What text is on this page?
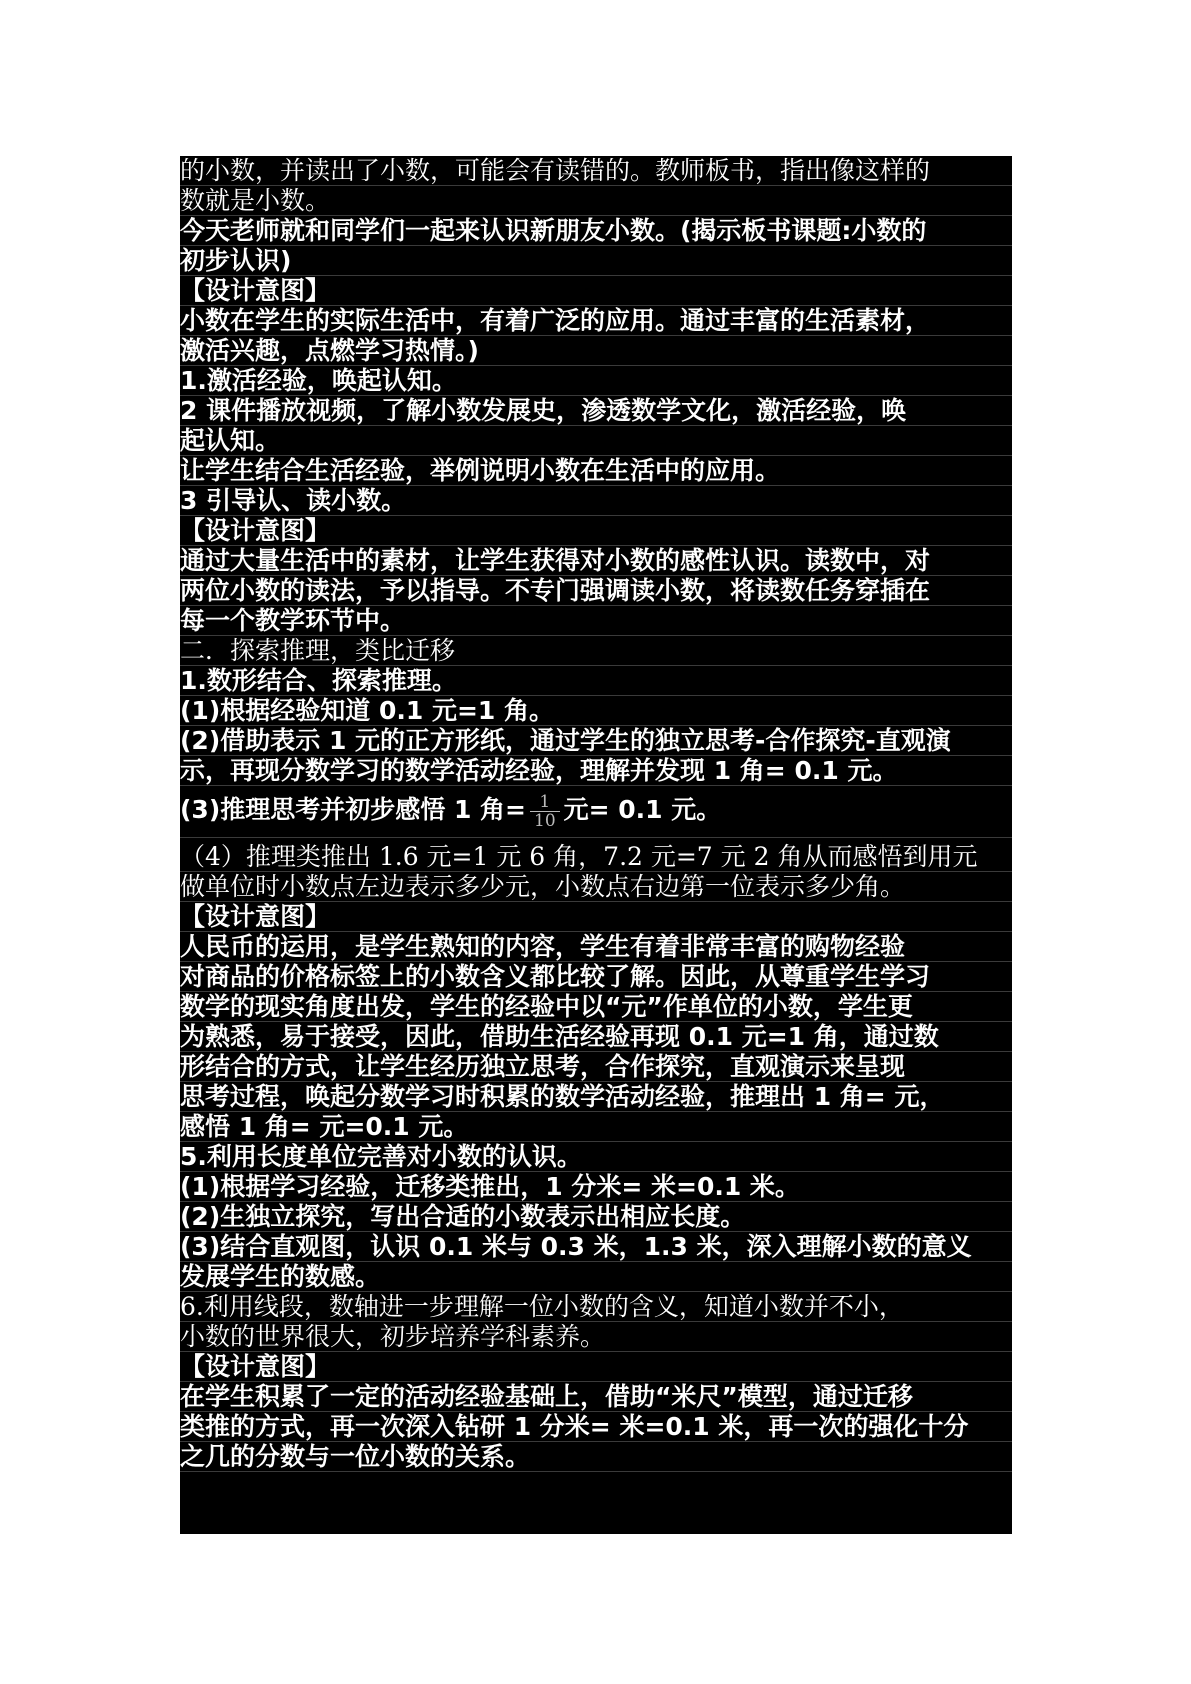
的小数，并读出了小数，可能会有读错的。教师板书，指出像这样的
数就是小数。
今天老师就和同学们一起来认识新朋友小数。(揭示板书课题:小数的
初步认识)
【设计意图】
小数在学生的实际生活中，有着广泛的应用。通过丰富的生活素材，
激活兴趣，点燃学习热情。)
1.激活经验，唤起认知。
2 课件播放视频，了解小数发展史，渗透数学文化，激活经验，唤
起认知。
让学生结合生活经验，举例说明小数在生活中的应用。
3 引导认、读小数。
【设计意图】
通过大量生活中的素材，让学生获得对小数的感性认识。读数中，对
两位小数的读法，予以指导。不专门强调读小数，将读数任务穿插在
每一个教学环节中。
二．探索推理，类比迁移
1.数形结合、探索推理。
(1)根据经验知道 0.1 元=1 角。
(2)借助表示 1 元的正方形纸，通过学生的独立思考-合作探究-直观演
示，再现分数学习的数学活动经验，理解并发现 1 角= 0.1 元。
(3)推理思考并初步感悟 1 角= $\frac{1}{10}$ 元= 0.1 元。
（4）推理类推出 1.6 元=1 元 6 角，7.2 元=7 元 2 角从而感悟到用元
做单位时小数点左边表示多少元，小数点右边第一位表示多少角。
【设计意图】
人民币的运用，是学生熟知的内容，学生有着非常丰富的购物经验
对商品的价格标签上的小数含义都比较了解。因此，从尊重学生学习
数学的现实角度出发，学生的经验中以“元”作单位的小数，学生更
为熟悉，易于接受，因此，借助生活经验再现 0.1 元=1 角，通过数
形结合的方式，让学生经历独立思考，合作探究，直观演示来呈现
思考过程，唤起分数学习时积累的数学活动经验，推理出 1 角= 元，
感悟 1 角= 元=0.1 元。
5.利用长度单位完善对小数的认识。
(1)根据学习经验，迁移类推出，1 分米= 米=0.1 米。
(2)生独立探究，写出合适的小数表示出相应长度。
(3)结合直观图，认识 0.1 米与 0.3 米，1.3 米，深入理解小数的意义
发展学生的数感。
6.利用线段，数轴进一步理解一位小数的含义，知道小数并不小，
小数的世界很大，初步培养学科素养。
【设计意图】
在学生积累了一定的活动经验基础上，借助“米尺”模型，通过迁移
类推的方式，再一次深入钻研 1 分米= 米=0.1 米，再一次的强化十分
之几的分数与一位小数的关系。
